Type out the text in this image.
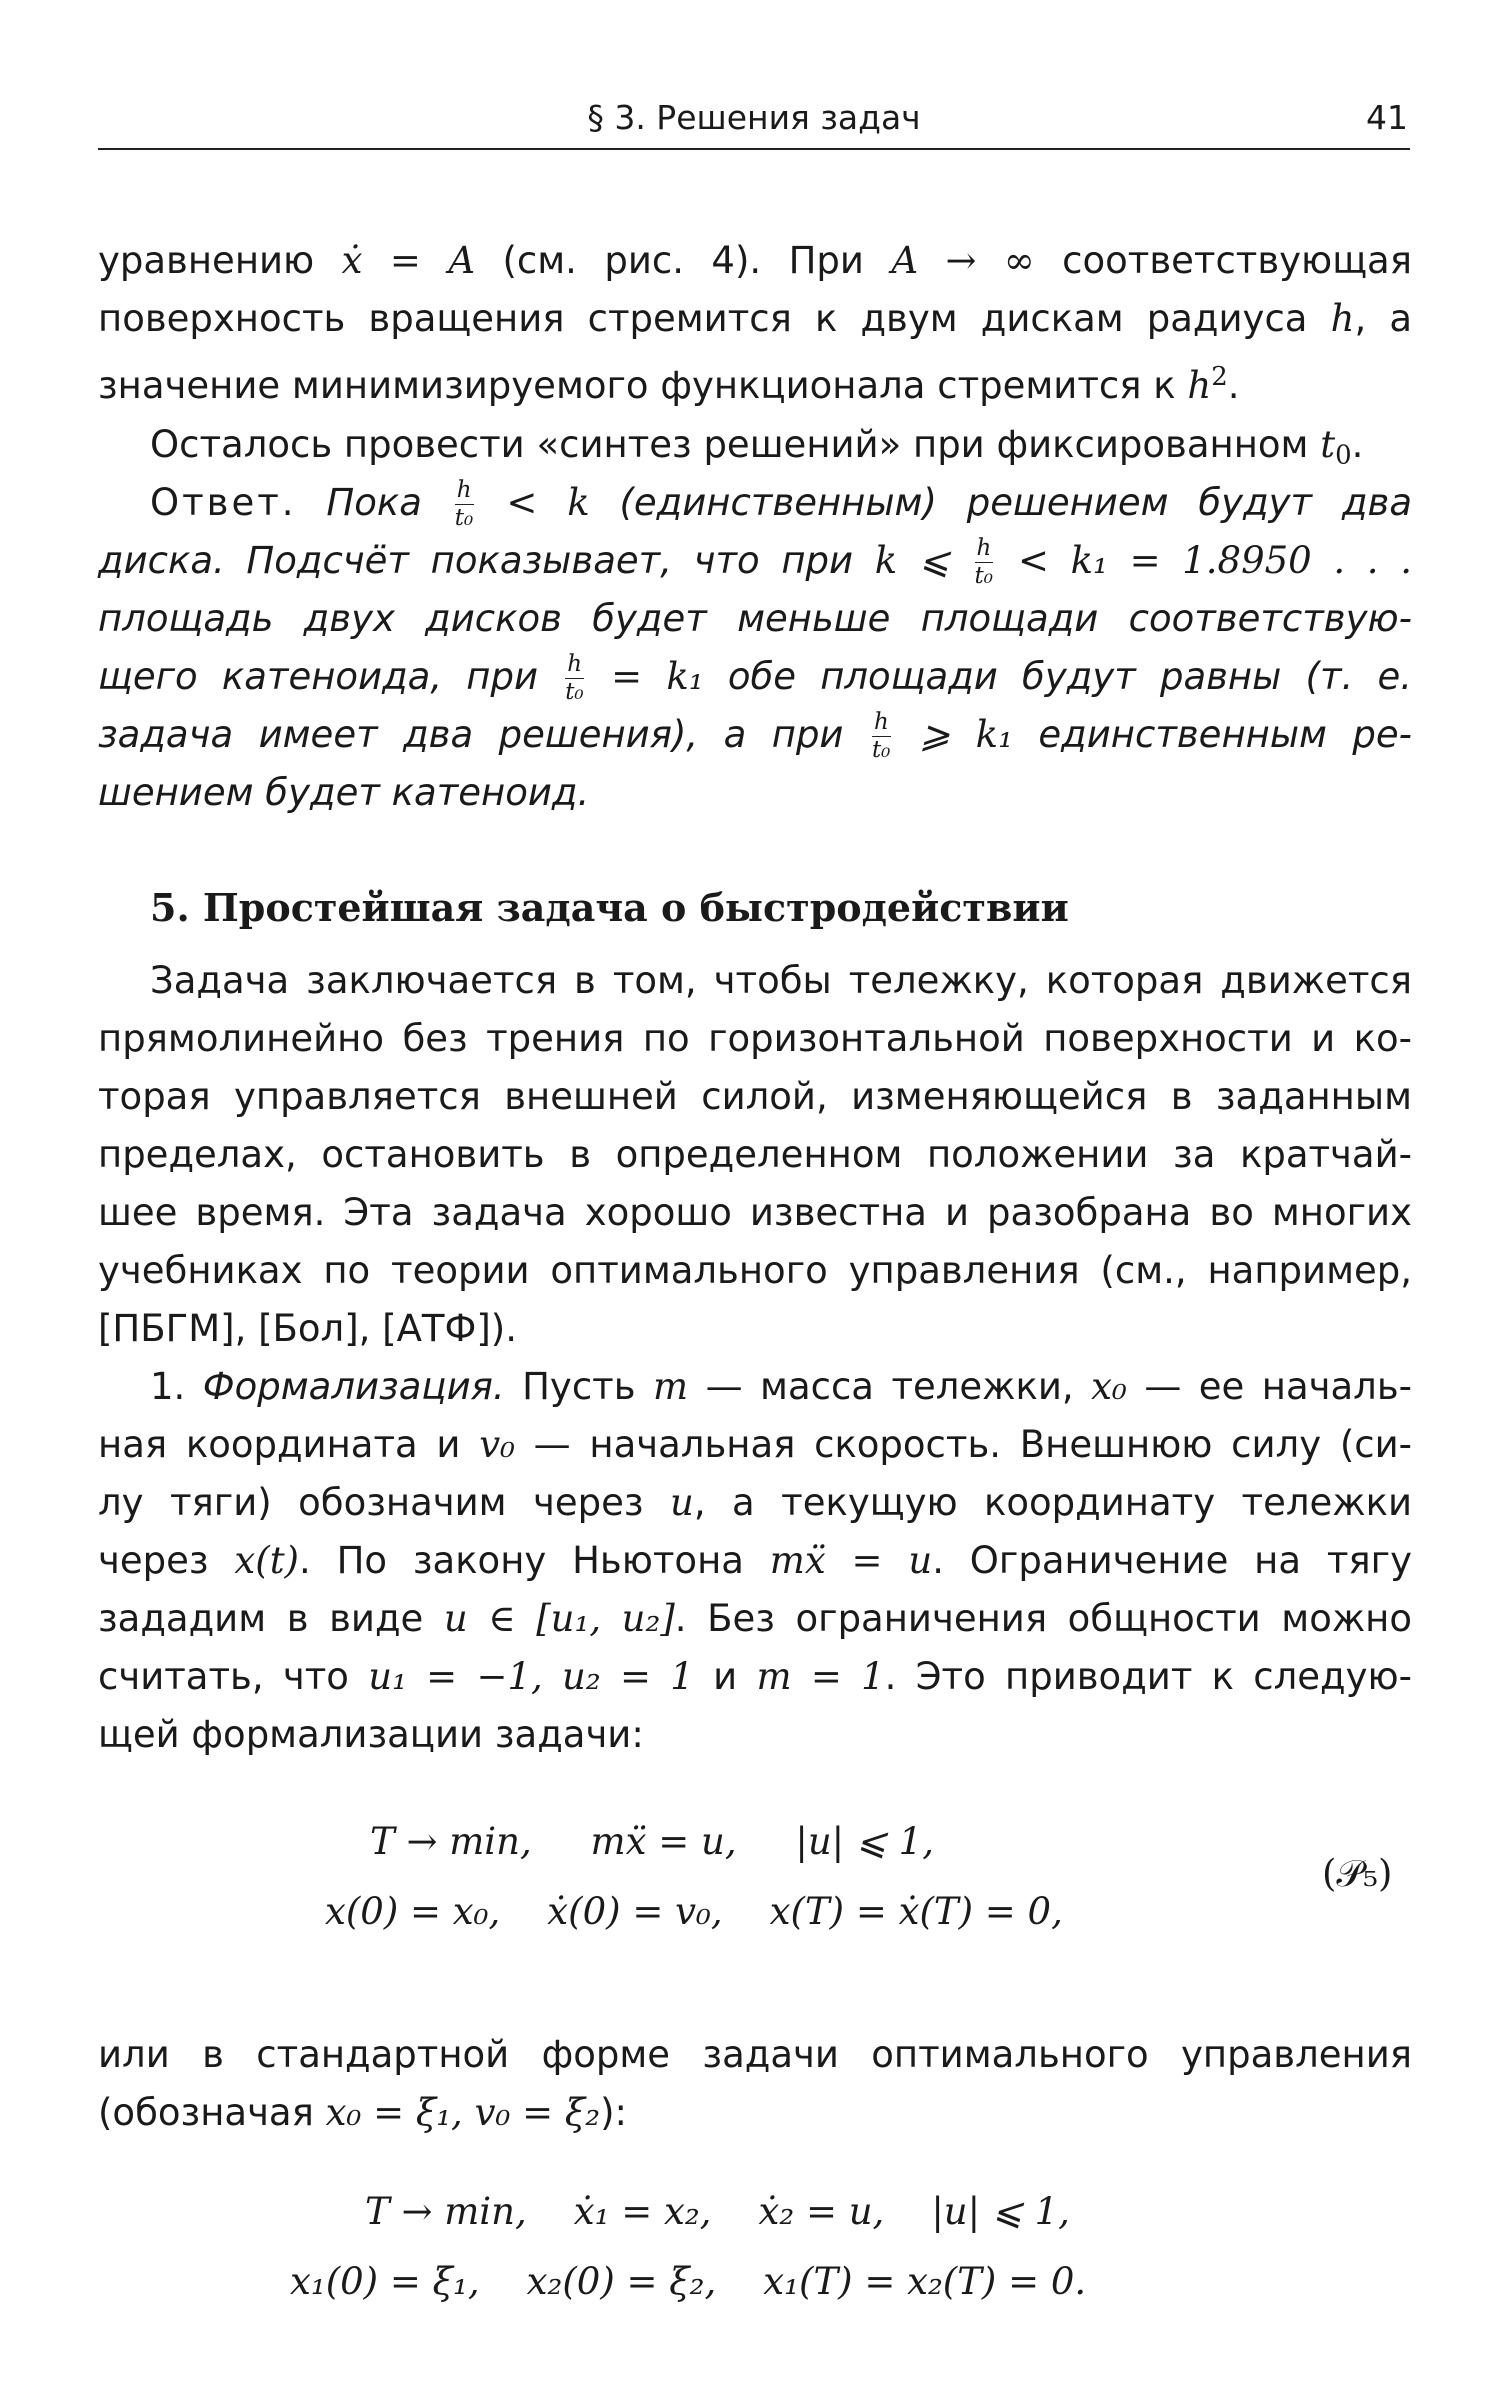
§ 3. Решения задач	41
уравнению ẋ = A (см. рис. 4). При A → ∞ соответствующая
поверхность вращения стремится к двум дискам радиуса h, а
значение минимизируемого функционала стремится к $h^2$.
Осталось провести «синтез решений» при фиксированном $t_0$.
Ответ. Пока $\frac{h}{\text{t₀}} < k$ (единственным) решением будут два
диска. Подсчёт показывает, что при k ⩽ $\frac{h}{\text{t₀}} < k_1 = 1.8950$ . . .
площадь двух дисков будет меньше площади соответствую-
щего катеноида, при $\frac{h}{\text{t₀}} = k_1$ обе площади будут равны (т. е.
задача имеет два решения), а при $\frac{h}{\text{t₀}}$ ⩾ k₁ единственным ре-
шением будет катеноид.
5. Простейшая задача о быстродействии
Задача заключается в том, чтобы тележку, которая движется
прямолинейно без трения по горизонтальной поверхности и ко-
торая управляется внешней силой, изменяющейся в заданным
пределах, остановить в определенном положении за кратчай-
шее время. Эта задача хорошо известна и разобрана во многих
учебниках по теории оптимального управления (см., например,
[ПБГМ], [Бол], [АТФ]).
1. Формализация. Пусть m — масса тележки, x₀ — ее началь-
ная координата и v₀ — начальная скорость. Внешнюю силу (си-
лу тяги) обозначим через u, а текущую координату тележки
через x(t). По закону Ньютона mẍ = u. Ограничение на тягу
зададим в виде u ∈ [u₁, u₂]. Без ограничения общности можно
считать, что u₁ = −1, u₂ = 1 и m = 1. Это приводит к следую-
щей формализации задачи:
T → min,     mẍ = u,     |u| ⩽ 1,
x(0) = x₀,    ẋ(0) = v₀,    x(T) = ẋ(T) = 0,
(𝒫₅)
или в стандартной форме задачи оптимального управления
(обозначая x₀ = ξ₁, v₀ = ξ₂):
T → min,    ẋ₁ = x₂,    ẋ₂ = u,    |u| ⩽ 1,
x₁(0) = ξ₁,    x₂(0) = ξ₂,    x₁(T) = x₂(T) = 0.
